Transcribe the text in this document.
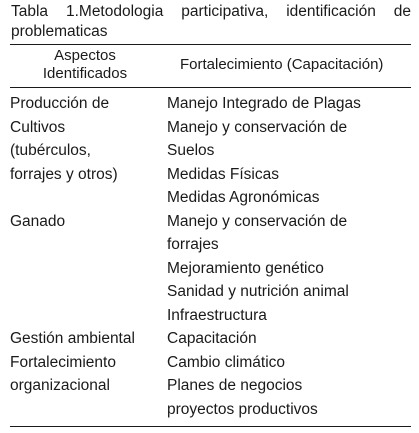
Tabla 1.Metodologia participativa, identificación de problematicas
Aspectos Identificados
Fortalecimiento (Capacitación)
Producción de
Cultivos
(tubérculos,
forrajes y otros)
Manejo Integrado de Plagas
Manejo y conservación de
Suelos
Medidas Físicas
Medidas Agronómicas
Ganado	Manejo y conservación de
forrajes
Mejoramiento genético
Sanidad y nutrición animal
Infraestructura
Gestión ambiental
Fortalecimiento
organizacional
Capacitación
Cambio climático
Planes de negocios
proyectos productivos
